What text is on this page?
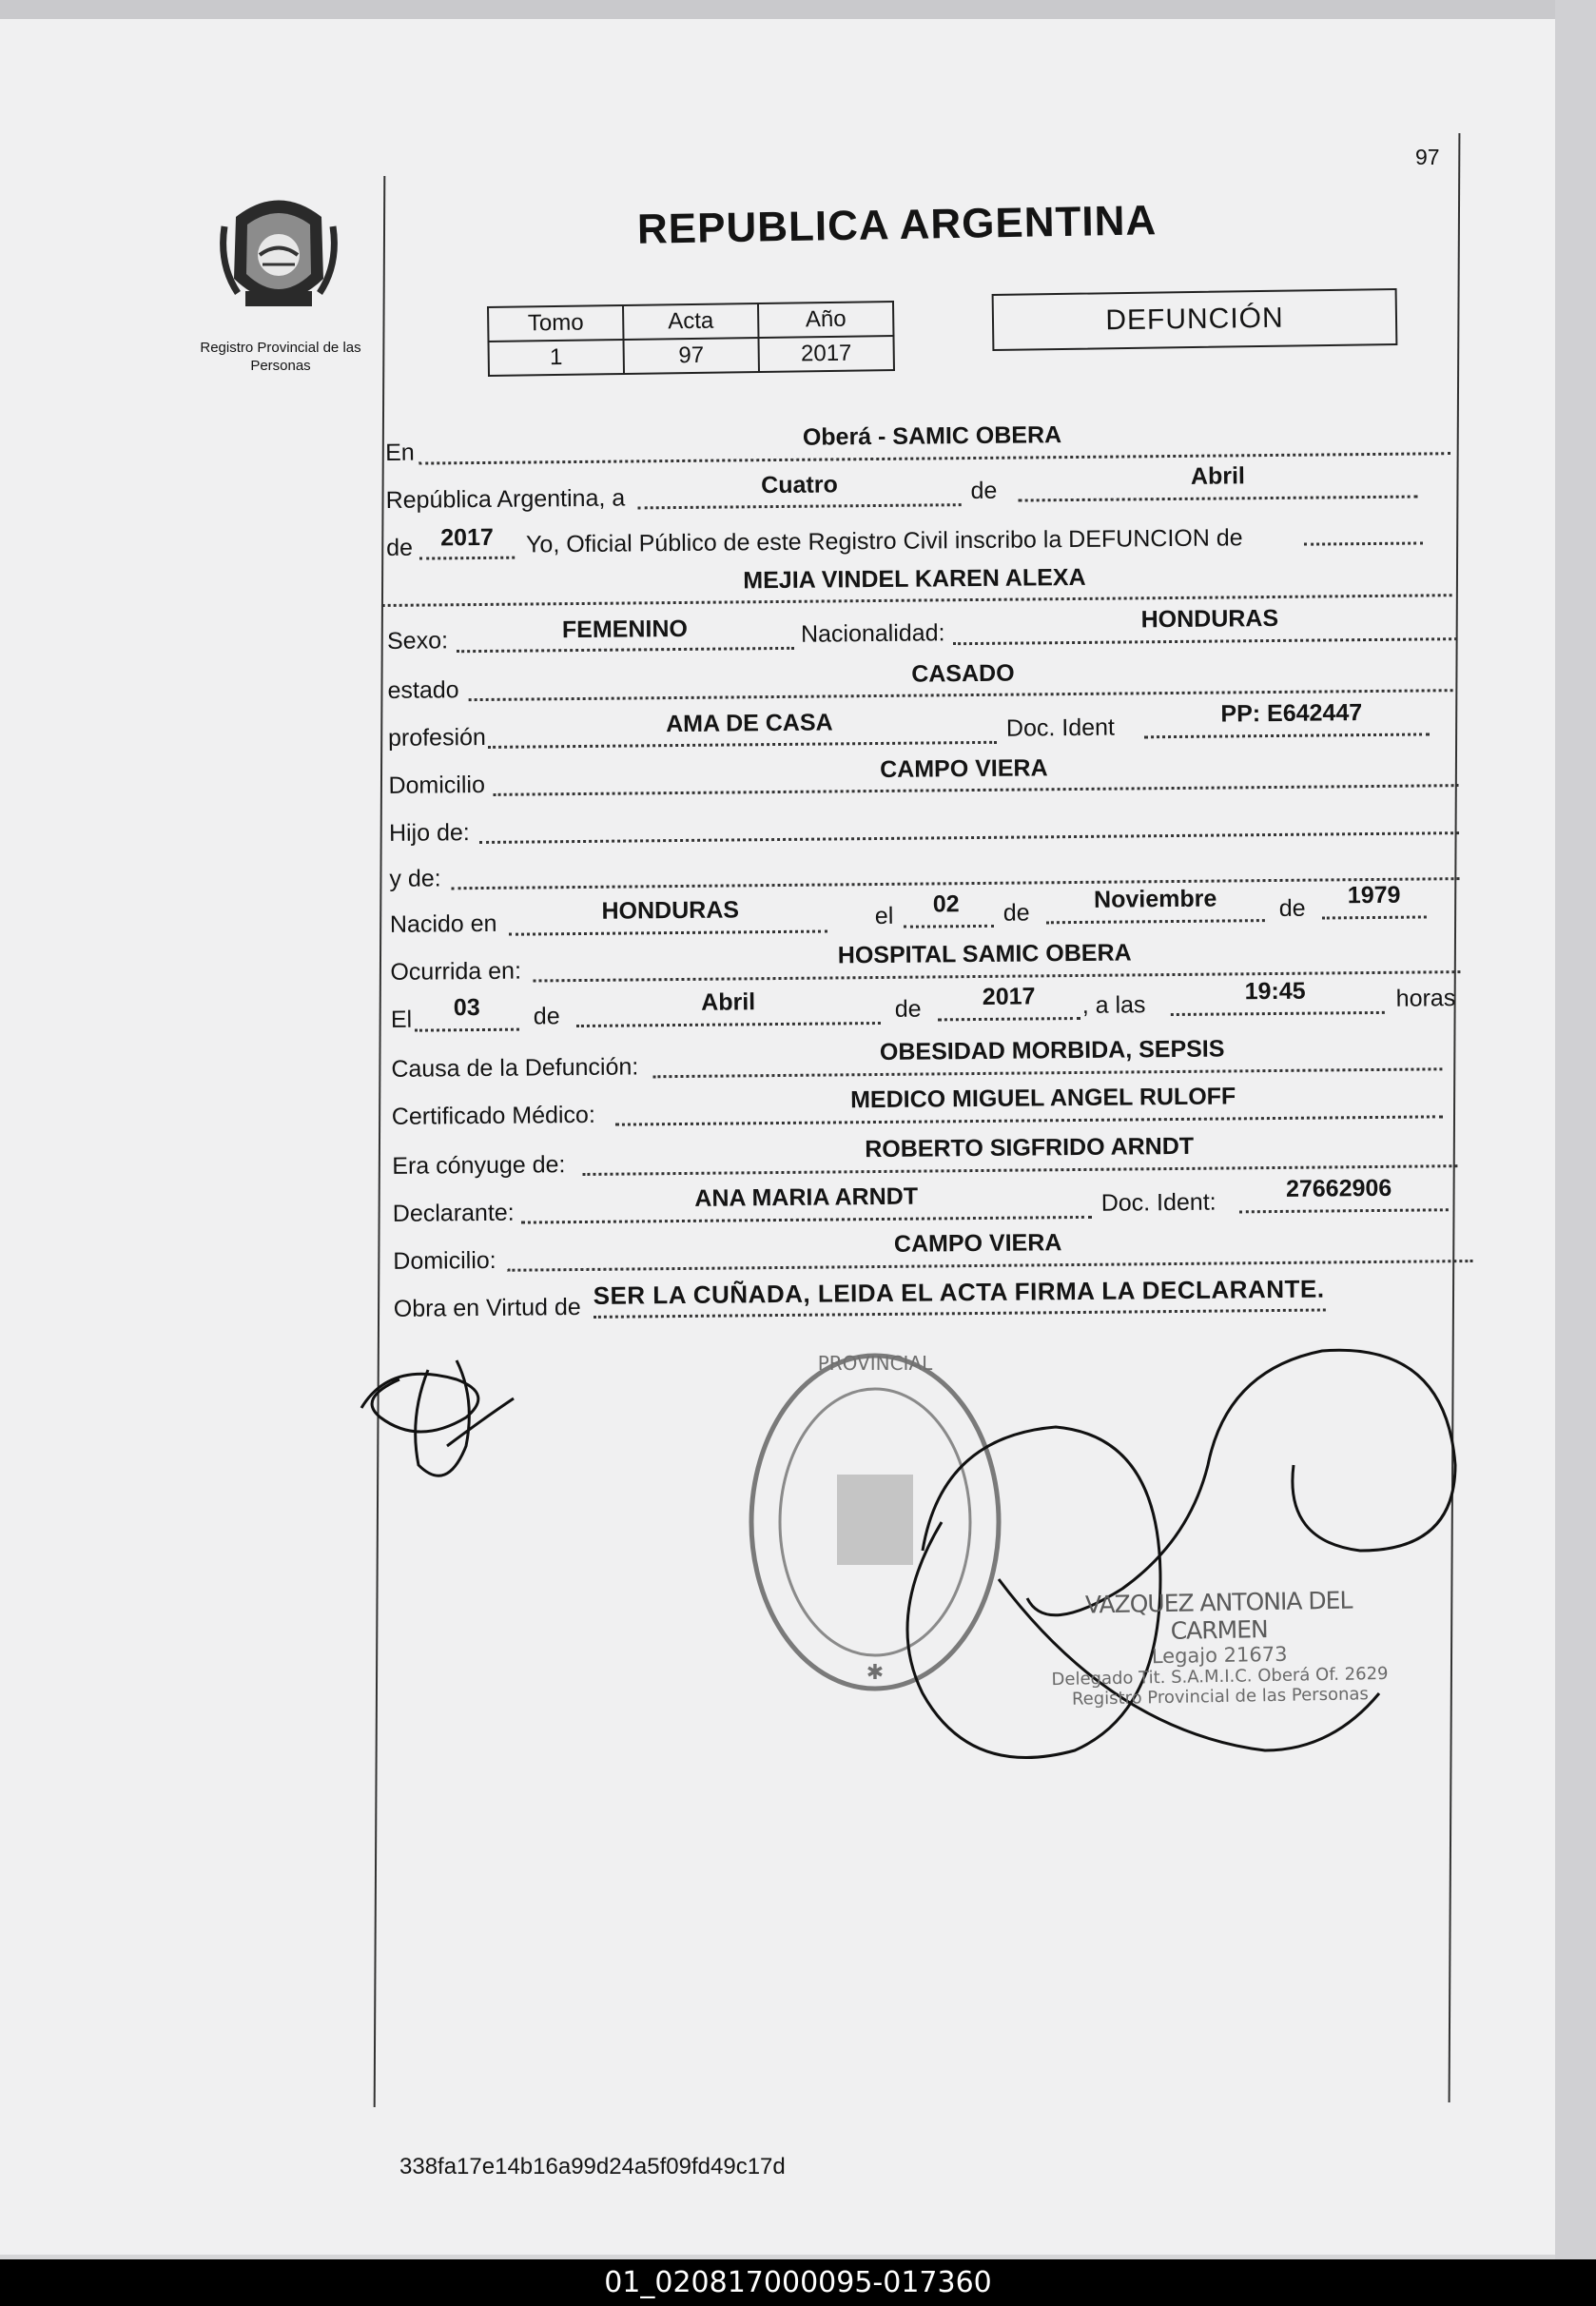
97
Registro Provincial de las Personas
REPUBLICA ARGENTINA
Tomo	Acta	Año
1	97	2017
DEFUNCIÓN
En
Oberá - SAMIC OBERA
República Argentina, a	Cuatro	de
Abril
de	2017	Yo, Oficial Público de este Registro Civil inscribo la DEFUNCION de
MEJIA VINDEL KAREN ALEXA
Sexo:	FEMENINO	Nacionalidad:
HONDURAS
estado
CASADO
profesión
AMA DE CASA	Doc. Ident
PP: E642447
Domicilio
CAMPO VIERA
Hijo de:
y de:
Nacido en	HONDURAS	el	02	de	Noviembre	de	1979
Ocurrida en:
HOSPITAL SAMIC OBERA
El	03	de
Abril	de	2017	, a las
19:45	horas
Causa de la Defunción:
OBESIDAD MORBIDA, SEPSIS
Certificado Médico:
MEDICO MIGUEL ANGEL RULOFF
Era cónyuge de:
ROBERTO SIGFRIDO ARNDT
Declarante:
ANA MARIA ARNDT	Doc. Ident:
27662906
Domicilio:
CAMPO VIERA
Obra en Virtud de SER LA CUÑADA, LEIDA EL ACTA FIRMA LA DECLARANTE.
PROVINCIAL
✱
VAZQUEZ ANTONIA DEL CARMEN
Legajo 21673
Delegado Tit. S.A.M.I.C. Oberá Of. 2629
Registro Provincial de las Personas
338fa17e14b16a99d24a5f09fd49c17d
01_020817000095-017360
